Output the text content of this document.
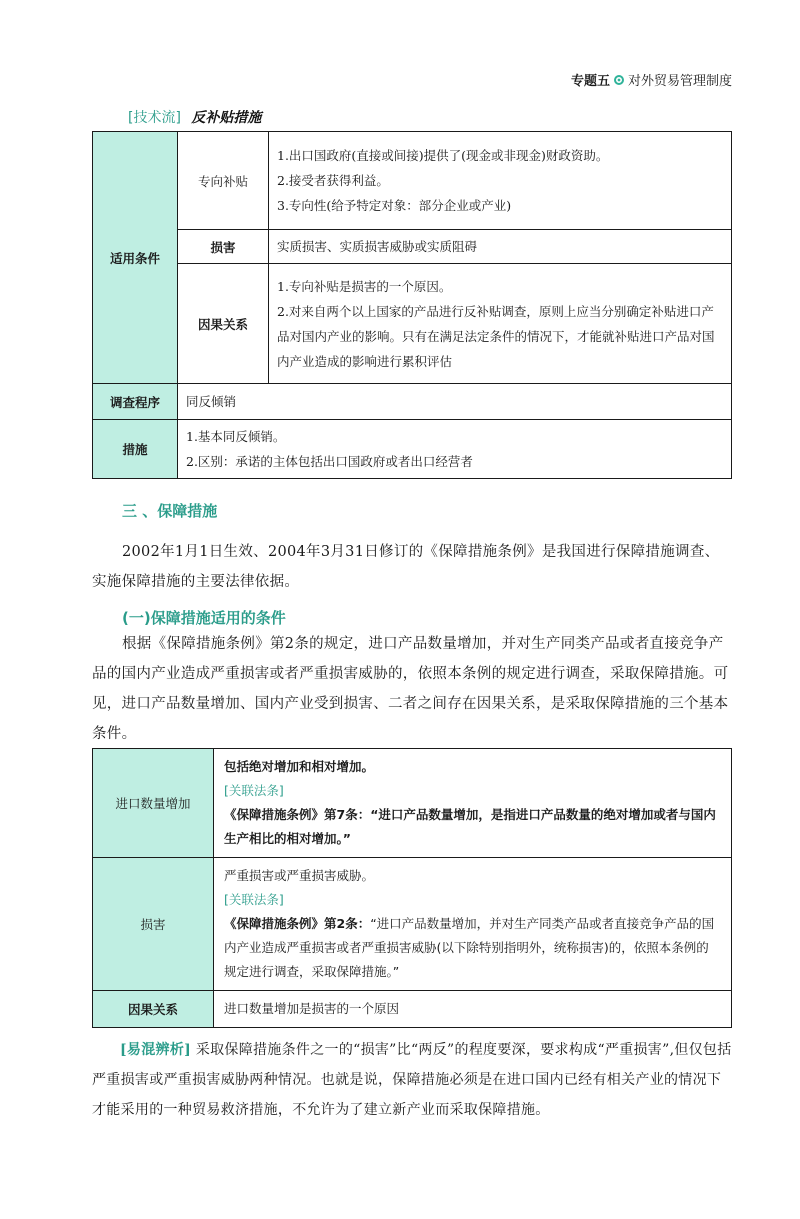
专题五 对外贸易管理制度
[技术流] 反补贴措施
适用条件	专向补贴	1.出口国政府(直接或间接)提供了(现金或非现金)财政资助。

2.接受者获得利益。

3.专向性(给予特定对象：部分企业或产业)

	损害	实质损害、实质损害威胁或实质阻碍
	因果关系	1.专向补贴是损害的一个原因。

2.对来自两个以上国家的产品进行反补贴调查，原则上应当分别确定补贴进口产品对国内产业的影响。只有在满足法定条件的情况下，才能就补贴进口产品对国内产业造成的影响进行累积评估

调查程序	同反倾销	
措施	1.基本同反倾销。

2.区别：承诺的主体包括出口国政府或者出口经营者	

三 、保障措施

2002年1月1日生效、2004年3月31日修订的《保障措施条例》是我国进行保障措施调查、实施保障措施的主要法律依据。

(一)保障措施适用的条件

根据《保障措施条例》第2条的规定，进口产品数量增加，并对生产同类产品或者直接竞争产品的国内产业造成严重损害或者严重损害威胁的，依照本条例的规定进行调查，采取保障措施。可见，进口产品数量增加、国内产业受到损害、二者之间存在因果关系，是采取保障措施的三个基本条件。

进口数量增加	包括绝对增加和相对增加。

[关联法条]

《保障措施条例》第7条：“进口产品数量增加，是指进口产品数量的绝对增加或者与国内生产相比的相对增加。”

损害	严重损害或严重损害威胁。

[关联法条]

《保障措施条例》第2条：“进口产品数量增加，并对生产同类产品或者直接竞争产品的国内产业造成严重损害或者严重损害威胁(以下除特别指明外，统称损害)的，依照本条例的规定进行调查，采取保障措施。”

因果关系	进口数量增加是损害的一个原因

[易混辨析] 采取保障措施条件之一的“损害”比“两反”的程度要深，要求构成“严重损害”,但仅包括严重损害或严重损害威胁两种情况。也就是说，保障措施必须是在进口国内已经有相关产业的情况下才能采用的一种贸易救济措施，不允许为了建立新产业而采取保障措施。
